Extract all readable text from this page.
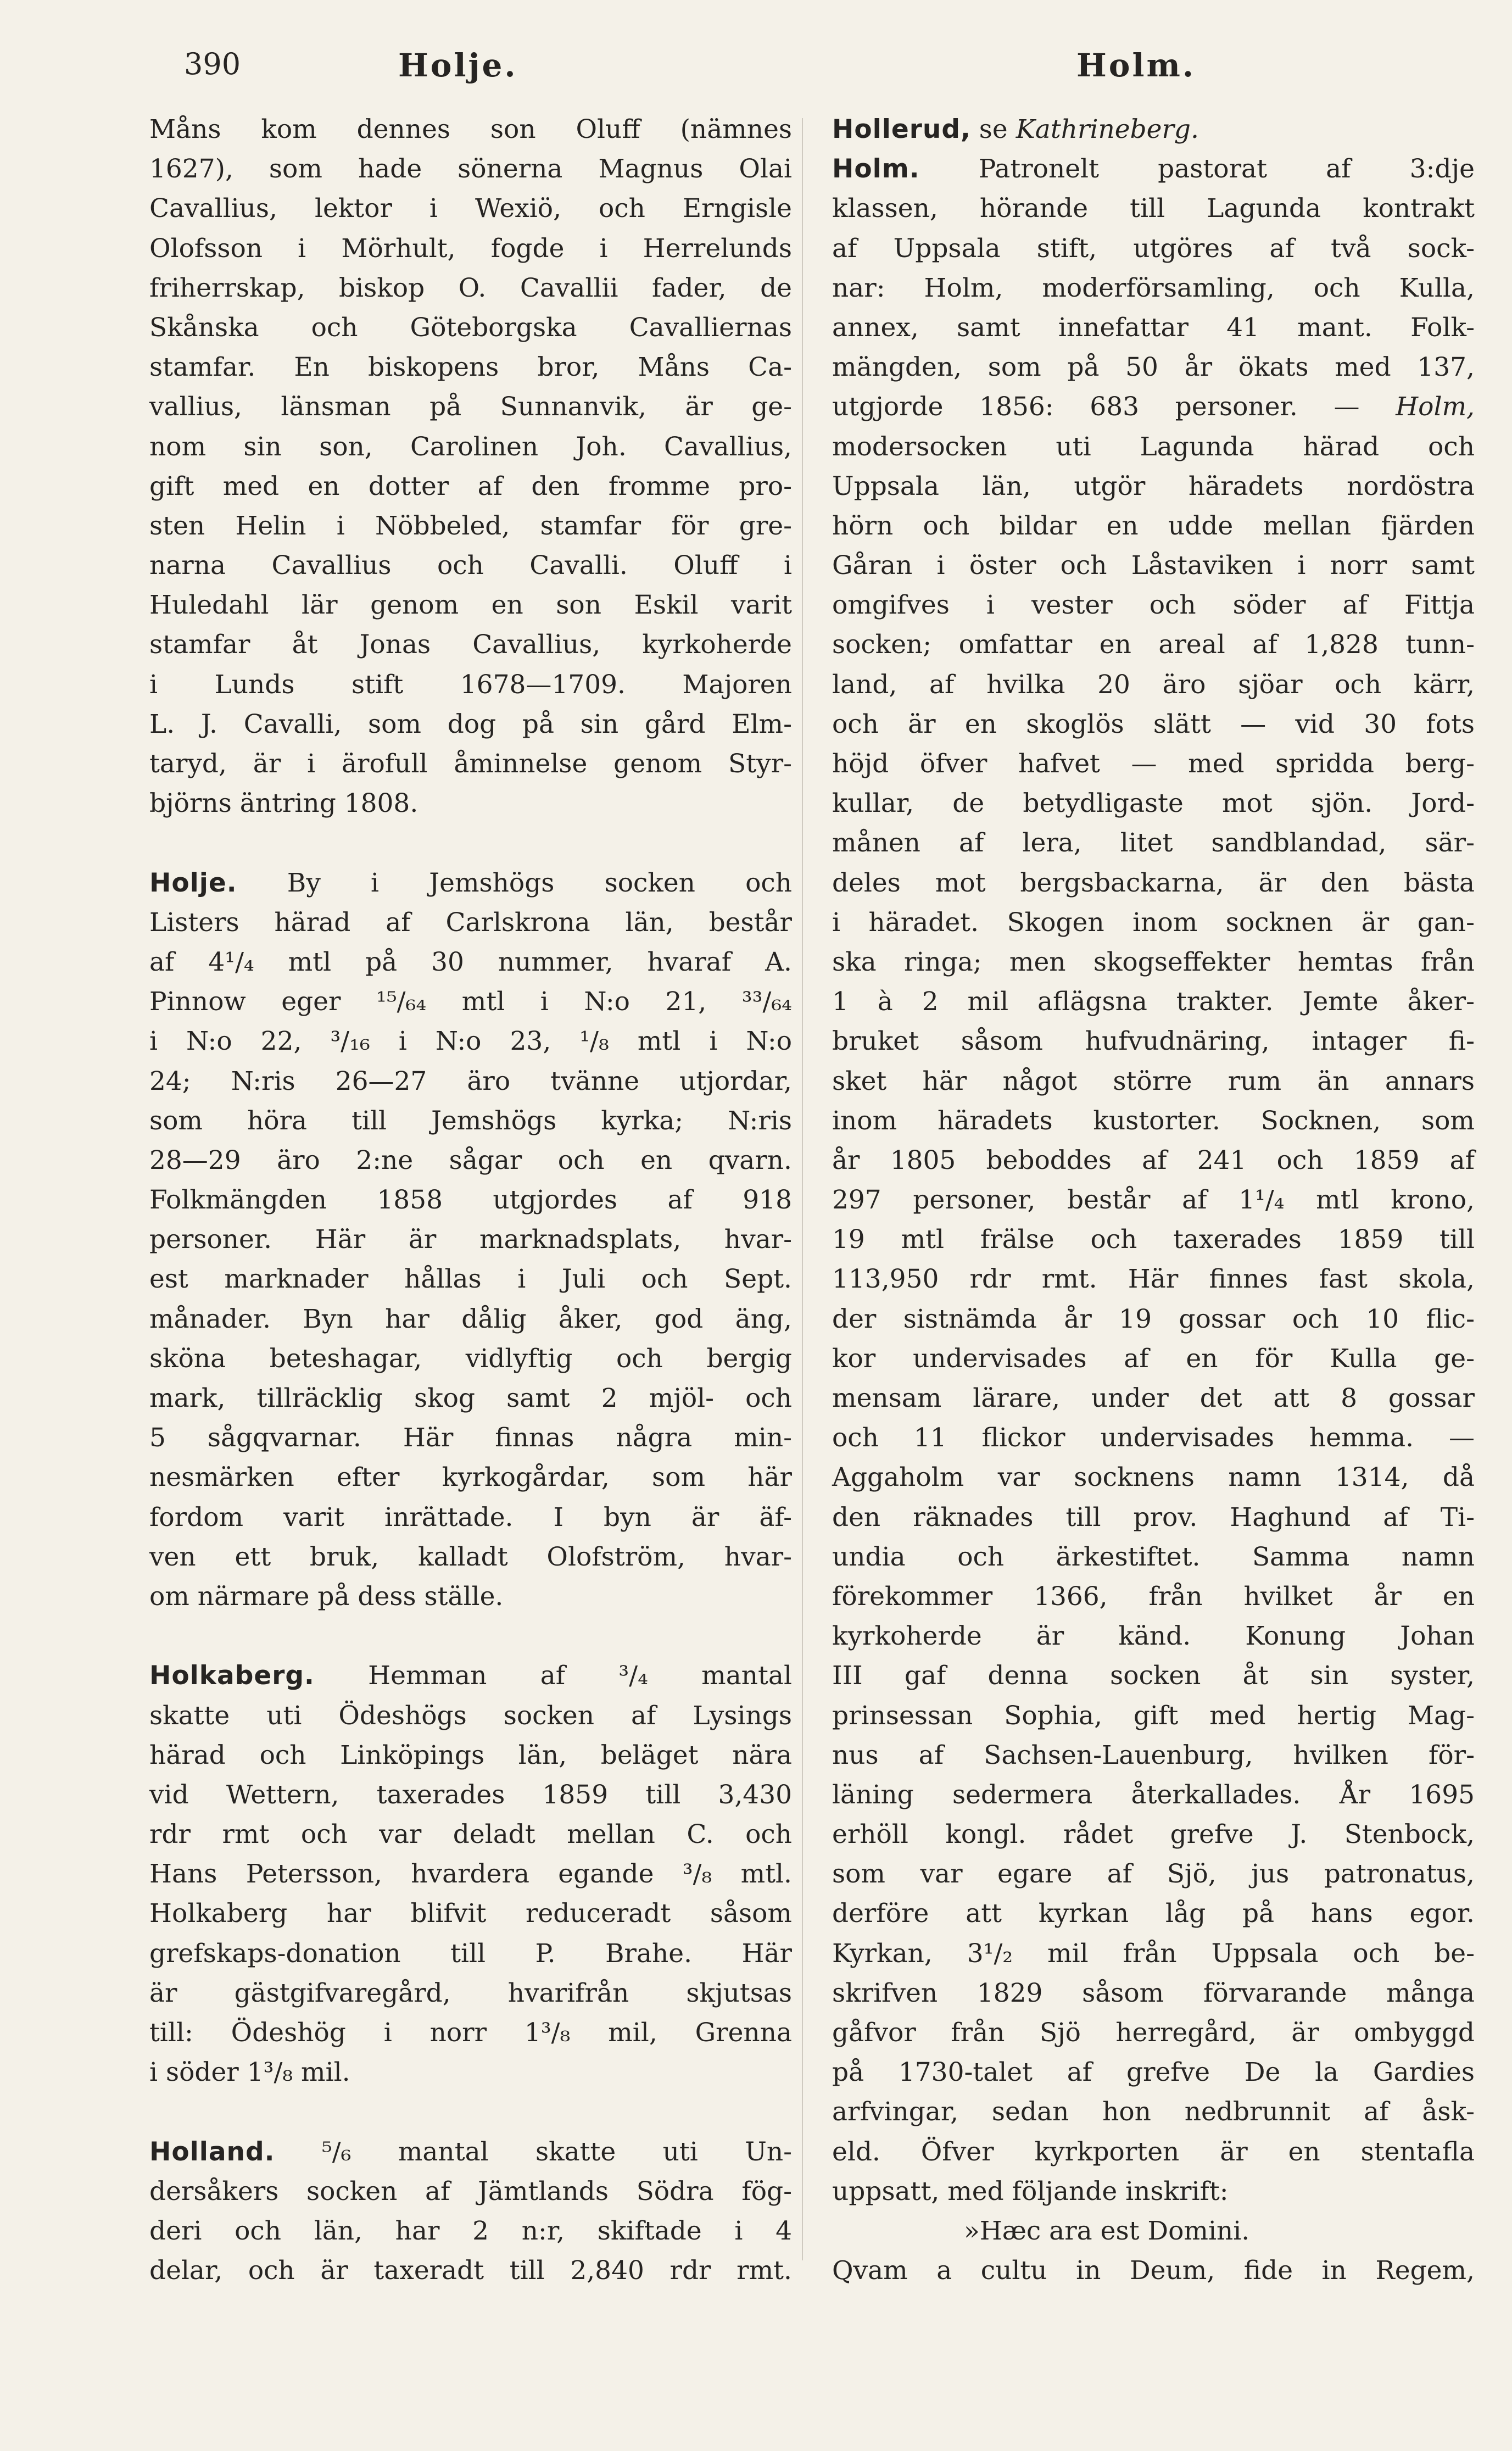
390	Holje.	Holm.
Måns kom dennes son Oluff (nämnes
1627), som hade sönerna Magnus Olai
Cavallius, lektor i Wexiö, och Erngisle
Olofsson i Mörhult, fogde i Herrelunds
friherrskap, biskop O. Cavallii fader, de
Skånska och Göteborgska Cavalliernas
stamfar. En biskopens bror, Måns Ca-
vallius, länsman på Sunnanvik, är ge-
nom sin son, Carolinen Joh. Cavallius,
gift med en dotter af den fromme pro-
sten Helin i Nöbbeled, stamfar för gre-
narna Cavallius och Cavalli. Oluff i
Huledahl lär genom en son Eskil varit
stamfar åt Jonas Cavallius, kyrkoherde
i Lunds stift 1678—1709. Majoren
L. J. Cavalli, som dog på sin gård Elm-
taryd, är i ärofull åminnelse genom Styr-
björns äntring 1808.
Holje. By i Jemshögs socken och
Listers härad af Carlskrona län, består
af 4¹/₄ mtl på 30 nummer, hvaraf A.
Pinnow eger ¹⁵/₆₄ mtl i N:o 21, ³³/₆₄
i N:o 22, ³/₁₆ i N:o 23, ¹/₈ mtl i N:o
24; N:ris 26—27 äro tvänne utjordar,
som höra till Jemshögs kyrka; N:ris
28—29 äro 2:ne sågar och en qvarn.
Folkmängden 1858 utgjordes af 918
personer. Här är marknadsplats, hvar-
est marknader hållas i Juli och Sept.
månader. Byn har dålig åker, god äng,
sköna beteshagar, vidlyftig och bergig
mark, tillräcklig skog samt 2 mjöl- och
5 sågqvarnar. Här finnas några min-
nesmärken efter kyrkogårdar, som här
fordom varit inrättade. I byn är äf-
ven ett bruk, kalladt Olofström, hvar-
om närmare på dess ställe.
Holkaberg. Hemman af ³/₄ mantal
skatte uti Ödeshögs socken af Lysings
härad och Linköpings län, beläget nära
vid Wettern, taxerades 1859 till 3,430
rdr rmt och var deladt mellan C. och
Hans Petersson, hvardera egande ³/₈ mtl.
Holkaberg har blifvit reduceradt såsom
grefskaps-donation till P. Brahe. Här
är gästgifvaregård, hvarifrån skjutsas
till: Ödeshög i norr 1³/₈ mil, Grenna
i söder 1³/₈ mil.
Holland. ⁵/₆ mantal skatte uti Un-
dersåkers socken af Jämtlands Södra fög-
deri och län, har 2 n:r, skiftade i 4
delar, och är taxeradt till 2,840 rdr rmt.
Hollerud, se Kathrineberg.
Holm. Patronelt pastorat af 3:dje
klassen, hörande till Lagunda kontrakt
af Uppsala stift, utgöres af två sock-
nar: Holm, moderförsamling, och Kulla,
annex, samt innefattar 41 mant. Folk-
mängden, som på 50 år ökats med 137,
utgjorde 1856: 683 personer. — Holm,
modersocken uti Lagunda härad och
Uppsala län, utgör häradets nordöstra
hörn och bildar en udde mellan fjärden
Gåran i öster och Låstaviken i norr samt
omgifves i vester och söder af Fittja
socken; omfattar en areal af 1,828 tunn-
land, af hvilka 20 äro sjöar och kärr,
och är en skoglös slätt — vid 30 fots
höjd öfver hafvet — med spridda berg-
kullar, de betydligaste mot sjön. Jord-
månen af lera, litet sandblandad, sär-
deles mot bergsbackarna, är den bästa
i häradet. Skogen inom socknen är gan-
ska ringa; men skogseffekter hemtas från
1 à 2 mil aflägsna trakter. Jemte åker-
bruket såsom hufvudnäring, intager fi-
sket här något större rum än annars
inom häradets kustorter. Socknen, som
år 1805 beboddes af 241 och 1859 af
297 personer, består af 1¹/₄ mtl krono,
19 mtl frälse och taxerades 1859 till
113,950 rdr rmt. Här finnes fast skola,
der sistnämda år 19 gossar och 10 flic-
kor undervisades af en för Kulla ge-
mensam lärare, under det att 8 gossar
och 11 flickor undervisades hemma. —
Aggaholm var socknens namn 1314, då
den räknades till prov. Haghund af Ti-
undia och ärkestiftet. Samma namn
förekommer 1366, från hvilket år en
kyrkoherde är känd. Konung Johan
III gaf denna socken åt sin syster,
prinsessan Sophia, gift med hertig Mag-
nus af Sachsen-Lauenburg, hvilken för-
läning sedermera återkallades. År 1695
erhöll kongl. rådet grefve J. Stenbock,
som var egare af Sjö, jus patronatus,
derföre att kyrkan låg på hans egor.
Kyrkan, 3¹/₂ mil från Uppsala och be-
skrifven 1829 såsom förvarande många
gåfvor från Sjö herregård, är ombyggd
på 1730-talet af grefve De la Gardies
arfvingar, sedan hon nedbrunnit af åsk-
eld. Öfver kyrkporten är en stentafla
uppsatt, med följande inskrift:
»Hæc ara est Domini.
Qvam a cultu in Deum, fide in Regem,
